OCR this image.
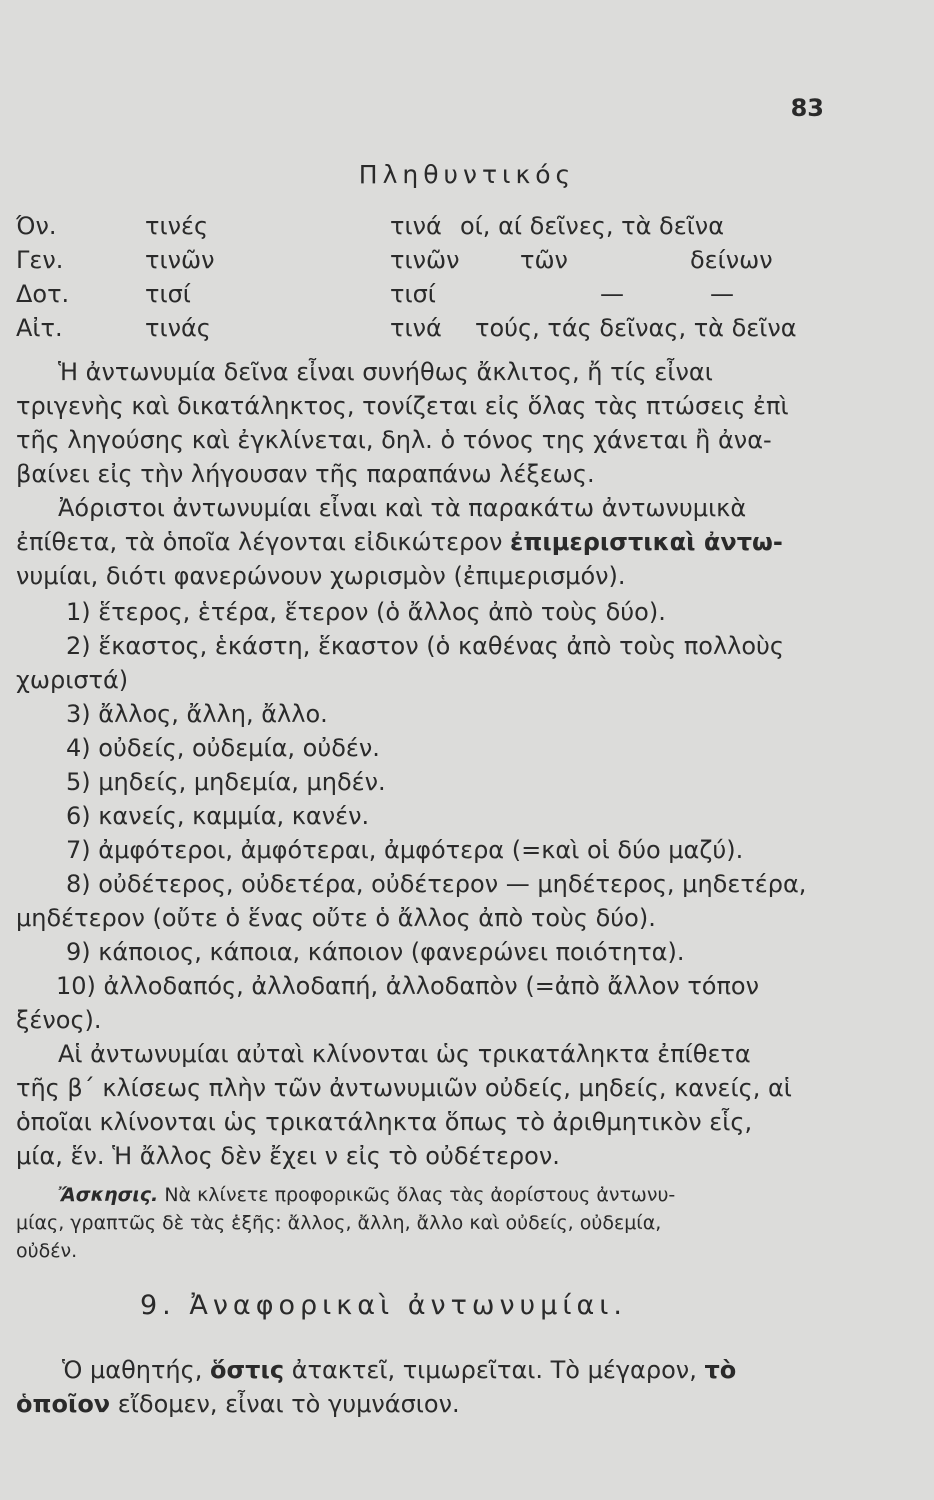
83
Πληθυντικός
Όν.	τινές	τινά οί, αί δεῖνες, τὰ δεῖνα
Γεν.	τινῶν	τινῶν	τῶν	δείνων
Δοτ.	τισί	τισί	—	—
Αἰτ.	τινάς	τινά τούς, τάς δεῖνας, τὰ δεῖνα
Ἡ ἀντωνυμία δεῖνα εἶναι συνήθως ἄκλιτος, ἤ τίς εἶναι
τριγενὴς καὶ δικατάληκτος, τονίζεται εἰς ὅλας τὰς πτώσεις ἐπὶ
τῆς ληγούσης καὶ ἐγκλίνεται, δηλ. ὁ τόνος της χάνεται ἢ ἀνα-
βαίνει εἰς τὴν λήγουσαν τῆς παραπάνω λέξεως.
Ἀόριστοι ἀντωνυμίαι εἶναι καὶ τὰ παρακάτω ἀντωνυμικὰ
ἐπίθετα, τὰ ὁποῖα λέγονται εἰδικώτερον ἐπιμεριστικαὶ ἀντω-
νυμίαι, διότι φανερώνουν χωρισμὸν (ἐπιμερισμόν).
1) ἕτερος, ἑτέρα, ἕτερον (ὁ ἄλλος ἀπὸ τοὺς δύο).
2) ἕκαστος, ἑκάστη, ἕκαστον (ὁ καθένας ἀπὸ τοὺς πολλοὺς
χωριστά)
3) ἄλλος, ἄλλη, ἄλλο.
4) οὐδείς, οὐδεμία, οὐδέν.
5) μηδείς, μηδεμία, μηδέν.
6) κανείς, καμμία, κανέν.
7) ἀμφότεροι, ἀμφότεραι, ἀμφότερα (=καὶ οἱ δύο μαζύ).
8) οὐδέτερος, οὐδετέρα, οὐδέτερον — μηδέτερος, μηδετέρα,
μηδέτερον (οὔτε ὁ ἕνας οὔτε ὁ ἄλλος ἀπὸ τοὺς δύο).
9) κάποιος, κάποια, κάποιον (φανερώνει ποιότητα).
10) ἀλλοδαπός, ἀλλοδαπή, ἀλλοδαπὸν (=ἀπὸ ἄλλον τόπον
ξένος).
Αἱ ἀντωνυμίαι αὐταὶ κλίνονται ὡς τρικατάληκτα ἐπίθετα
τῆς β΄ κλίσεως πλὴν τῶν ἀντωνυμιῶν οὐδείς, μηδείς, κανείς, αἱ
ὁποῖαι κλίνονται ὡς τρικατάληκτα ὅπως τὸ ἀριθμητικὸν εἷς,
μία, ἕν. Ἡ ἄλλος δὲν ἔχει ν εἰς τὸ οὐδέτερον.
Ἄσκησις. Νὰ κλίνετε προφορικῶς ὅλας τὰς ἀορίστους ἀντωνυ-
μίας, γραπτῶς δὲ τὰς ἑξῆς: ἄλλος, ἄλλη, ἄλλο καὶ οὐδείς, οὐδεμία,
οὐδέν.
9. Ἀναφορικαὶ ἀντωνυμίαι.
Ὁ μαθητής, ὅστις ἀτακτεῖ, τιμωρεῖται. Τὸ μέγαρον, τὸ
ὁποῖον εἴδομεν, εἶναι τὸ γυμνάσιον.
